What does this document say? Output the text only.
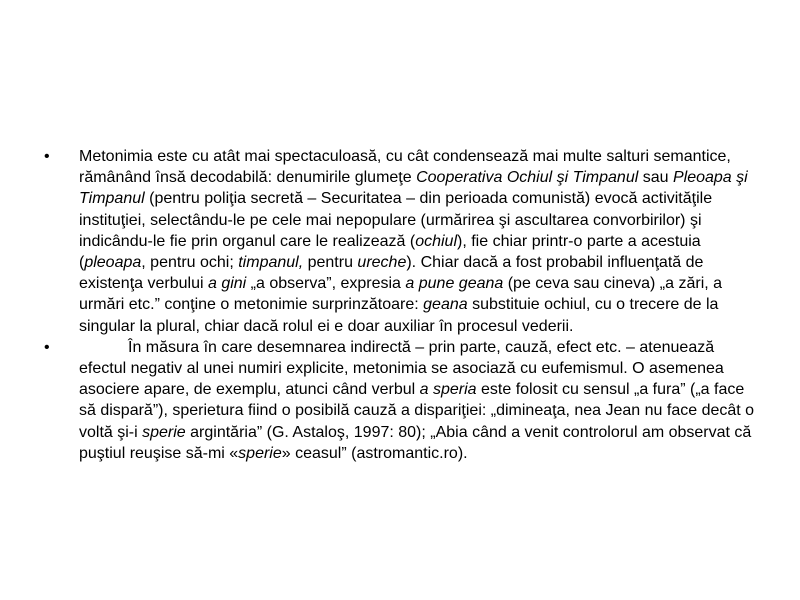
•	Metonimia este cu atât mai spectaculoasă, cu cât condensează mai multe salturi semantice, rămânând însă decodabilă: denumirile glumeţe Cooperativa Ochiul şi Timpanul sau Pleoapa şi Timpanul (pentru poliţia secretă – Securitatea – din perioada comunistă) evocă activităţile instituţiei, selectându-le pe cele mai nepopulare (urmărirea şi ascultarea convorbirilor) şi indicându-le fie prin organul care le realizează (ochiul), fie chiar printr-o parte a acestuia (pleoapa, pentru ochi; timpanul, pentru ureche). Chiar dacă a fost probabil influenţată de existenţa verbului a gini „a observa”, expresia a pune geana (pe ceva sau cineva) „a zări, a urmări etc.” conţine o metonimie surprinzătoare: geana substituie ochiul, cu o trecere de la singular la plural, chiar dacă rolul ei e doar auxiliar în procesul vederii.
•	În măsura în care desemnarea indirectă – prin parte, cauză, efect etc. – atenuează efectul negativ al unei numiri explicite, metonimia se asociază cu eufemismul. O asemenea asociere apare, de exemplu, atunci când verbul a speria este folosit cu sensul „a fura” („a face să dispară”), sperietura fiind o posibilă cauză a dispariţiei: „dimineaţa, nea Jean nu face decât o voltă şi-i sperie argintăria” (G. Astaloş, 1997: 80); „Abia când a venit controlorul am observat că puştiul reuşise să-mi «sperie» ceasul” (astromantic.ro).
